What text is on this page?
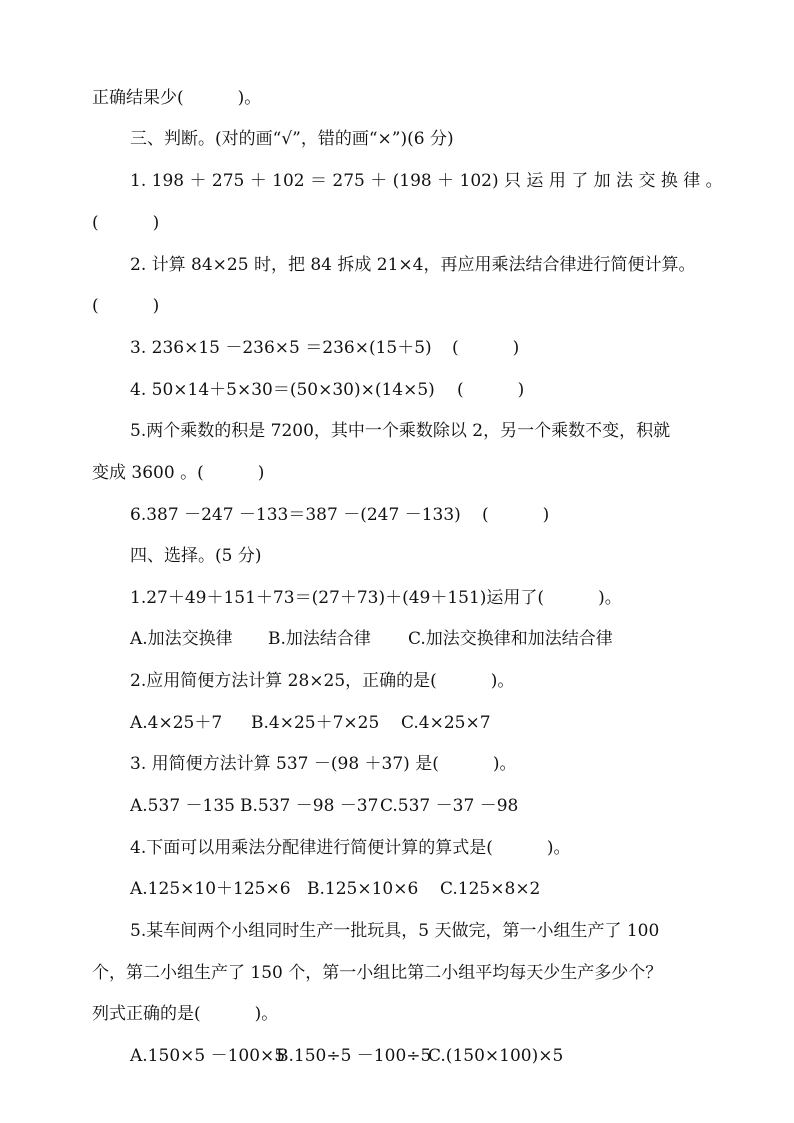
正确结果少(          )。
三、判断。(对的画“√”，错的画“×”)(6 分)
1. 198 ＋ 275 ＋ 102 ＝ 275 ＋ (198 ＋ 102) 只 运 用 了 加 法 交 换 律 。
(          )
2. 计算 84×25 时，把 84 拆成 21×4，再应用乘法结合律进行简便计算。
(          )
3. 236×15 －236×5 ＝236×(15＋5) (          )
4. 50×14＋5×30＝(50×30)×(14×5) (          )
5.两个乘数的积是 7200，其中一个乘数除以 2，另一个乘数不变，积就
变成 3600 。(          )
6.387 －247 －133＝387 －(247 －133) (          )
四、选择。(5 分)
1.27＋49＋151＋73＝(27＋73)＋(49＋151)运用了(          )。
A.加法交换律 B.加法结合律 C.加法交换律和加法结合律
2.应用简便方法计算 28×25，正确的是(          )。
A.4×25＋7 B.4×25＋7×25 C.4×25×7
3. 用简便方法计算 537 －(98 ＋37) 是(          )。
A.537 －135 B.537 －98 －37 C.537 －37 －98
4.下面可以用乘法分配律进行简便计算的算式是(          )。
A.125×10＋125×6 B.125×10×6 C.125×8×2
5.某车间两个小组同时生产一批玩具，5 天做完，第一小组生产了 100
个，第二小组生产了 150 个，第一小组比第二小组平均每天少生产多少个？
列式正确的是(          )。
A.150×5 －100×5
B.150÷5 －100÷5
C.(150×100)×5
